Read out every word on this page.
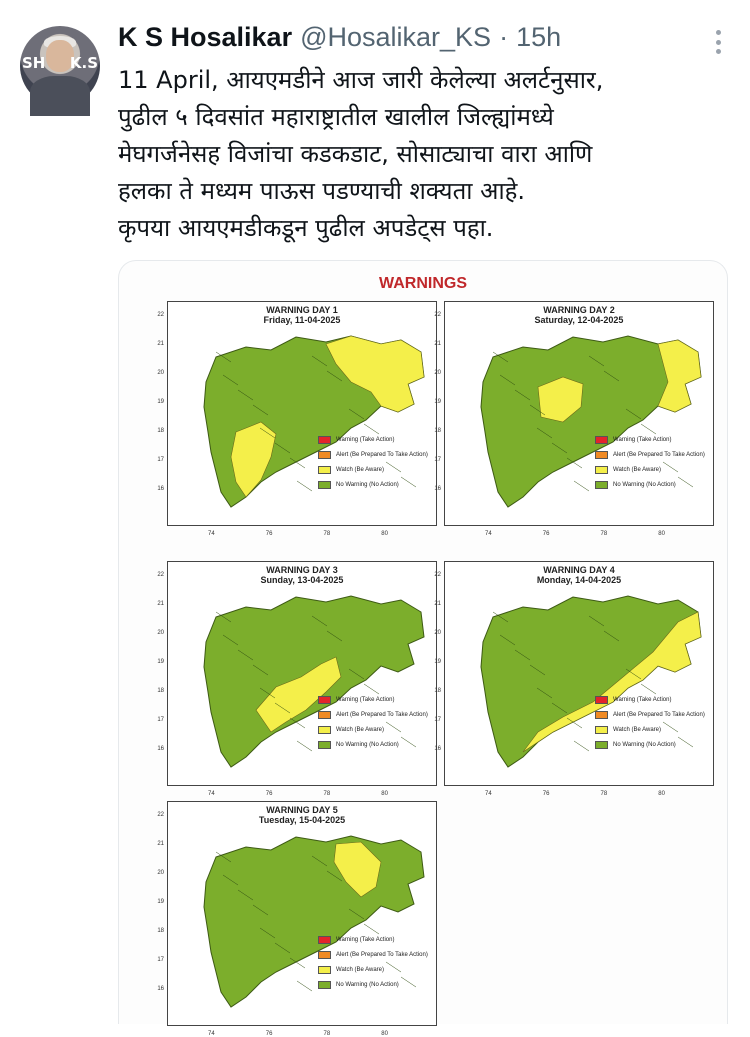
SH K.S
K S Hosalikar @Hosalikar_KS · 15h
11 April, आयएमडीने आज जारी केलेल्या अलर्टनुसार,
पुढील ५ दिवसांत महाराष्ट्रातील खालील जिल्ह्यांमध्ये
मेघगर्जनेसह विजांचा कडकडाट, सोसाट्याचा वारा आणि
हलका ते मध्यम पाऊस पडण्याची शक्यता आहे.
कृपया आयएमडीकडून पुढील अपडेट्स पहा.
WARNINGS
WARNING DAY 1
Friday, 11-04-2025
22
21
20
19
18
17
16
74	76	78	80
Warning (Take Action)
Alert (Be Prepared To Take Action)
Watch (Be Aware)
No Warning (No Action)
WARNING DAY 2
Saturday, 12-04-2025
22
21
20
19
18
17
16
74	76	78	80
Warning (Take Action)
Alert (Be Prepared To Take Action)
Watch (Be Aware)
No Warning (No Action)
WARNING DAY 3
Sunday, 13-04-2025
22
21
20
19
18
17
16
74	76	78	80
Warning (Take Action)
Alert (Be Prepared To Take Action)
Watch (Be Aware)
No Warning (No Action)
WARNING DAY 4
Monday, 14-04-2025
22
21
20
19
18
17
16
74	76	78	80
Warning (Take Action)
Alert (Be Prepared To Take Action)
Watch (Be Aware)
No Warning (No Action)
WARNING DAY 5
Tuesday, 15-04-2025
22
21
20
19
18
17
16
74	76	78	80
Warning (Take Action)
Alert (Be Prepared To Take Action)
Watch (Be Aware)
No Warning (No Action)
